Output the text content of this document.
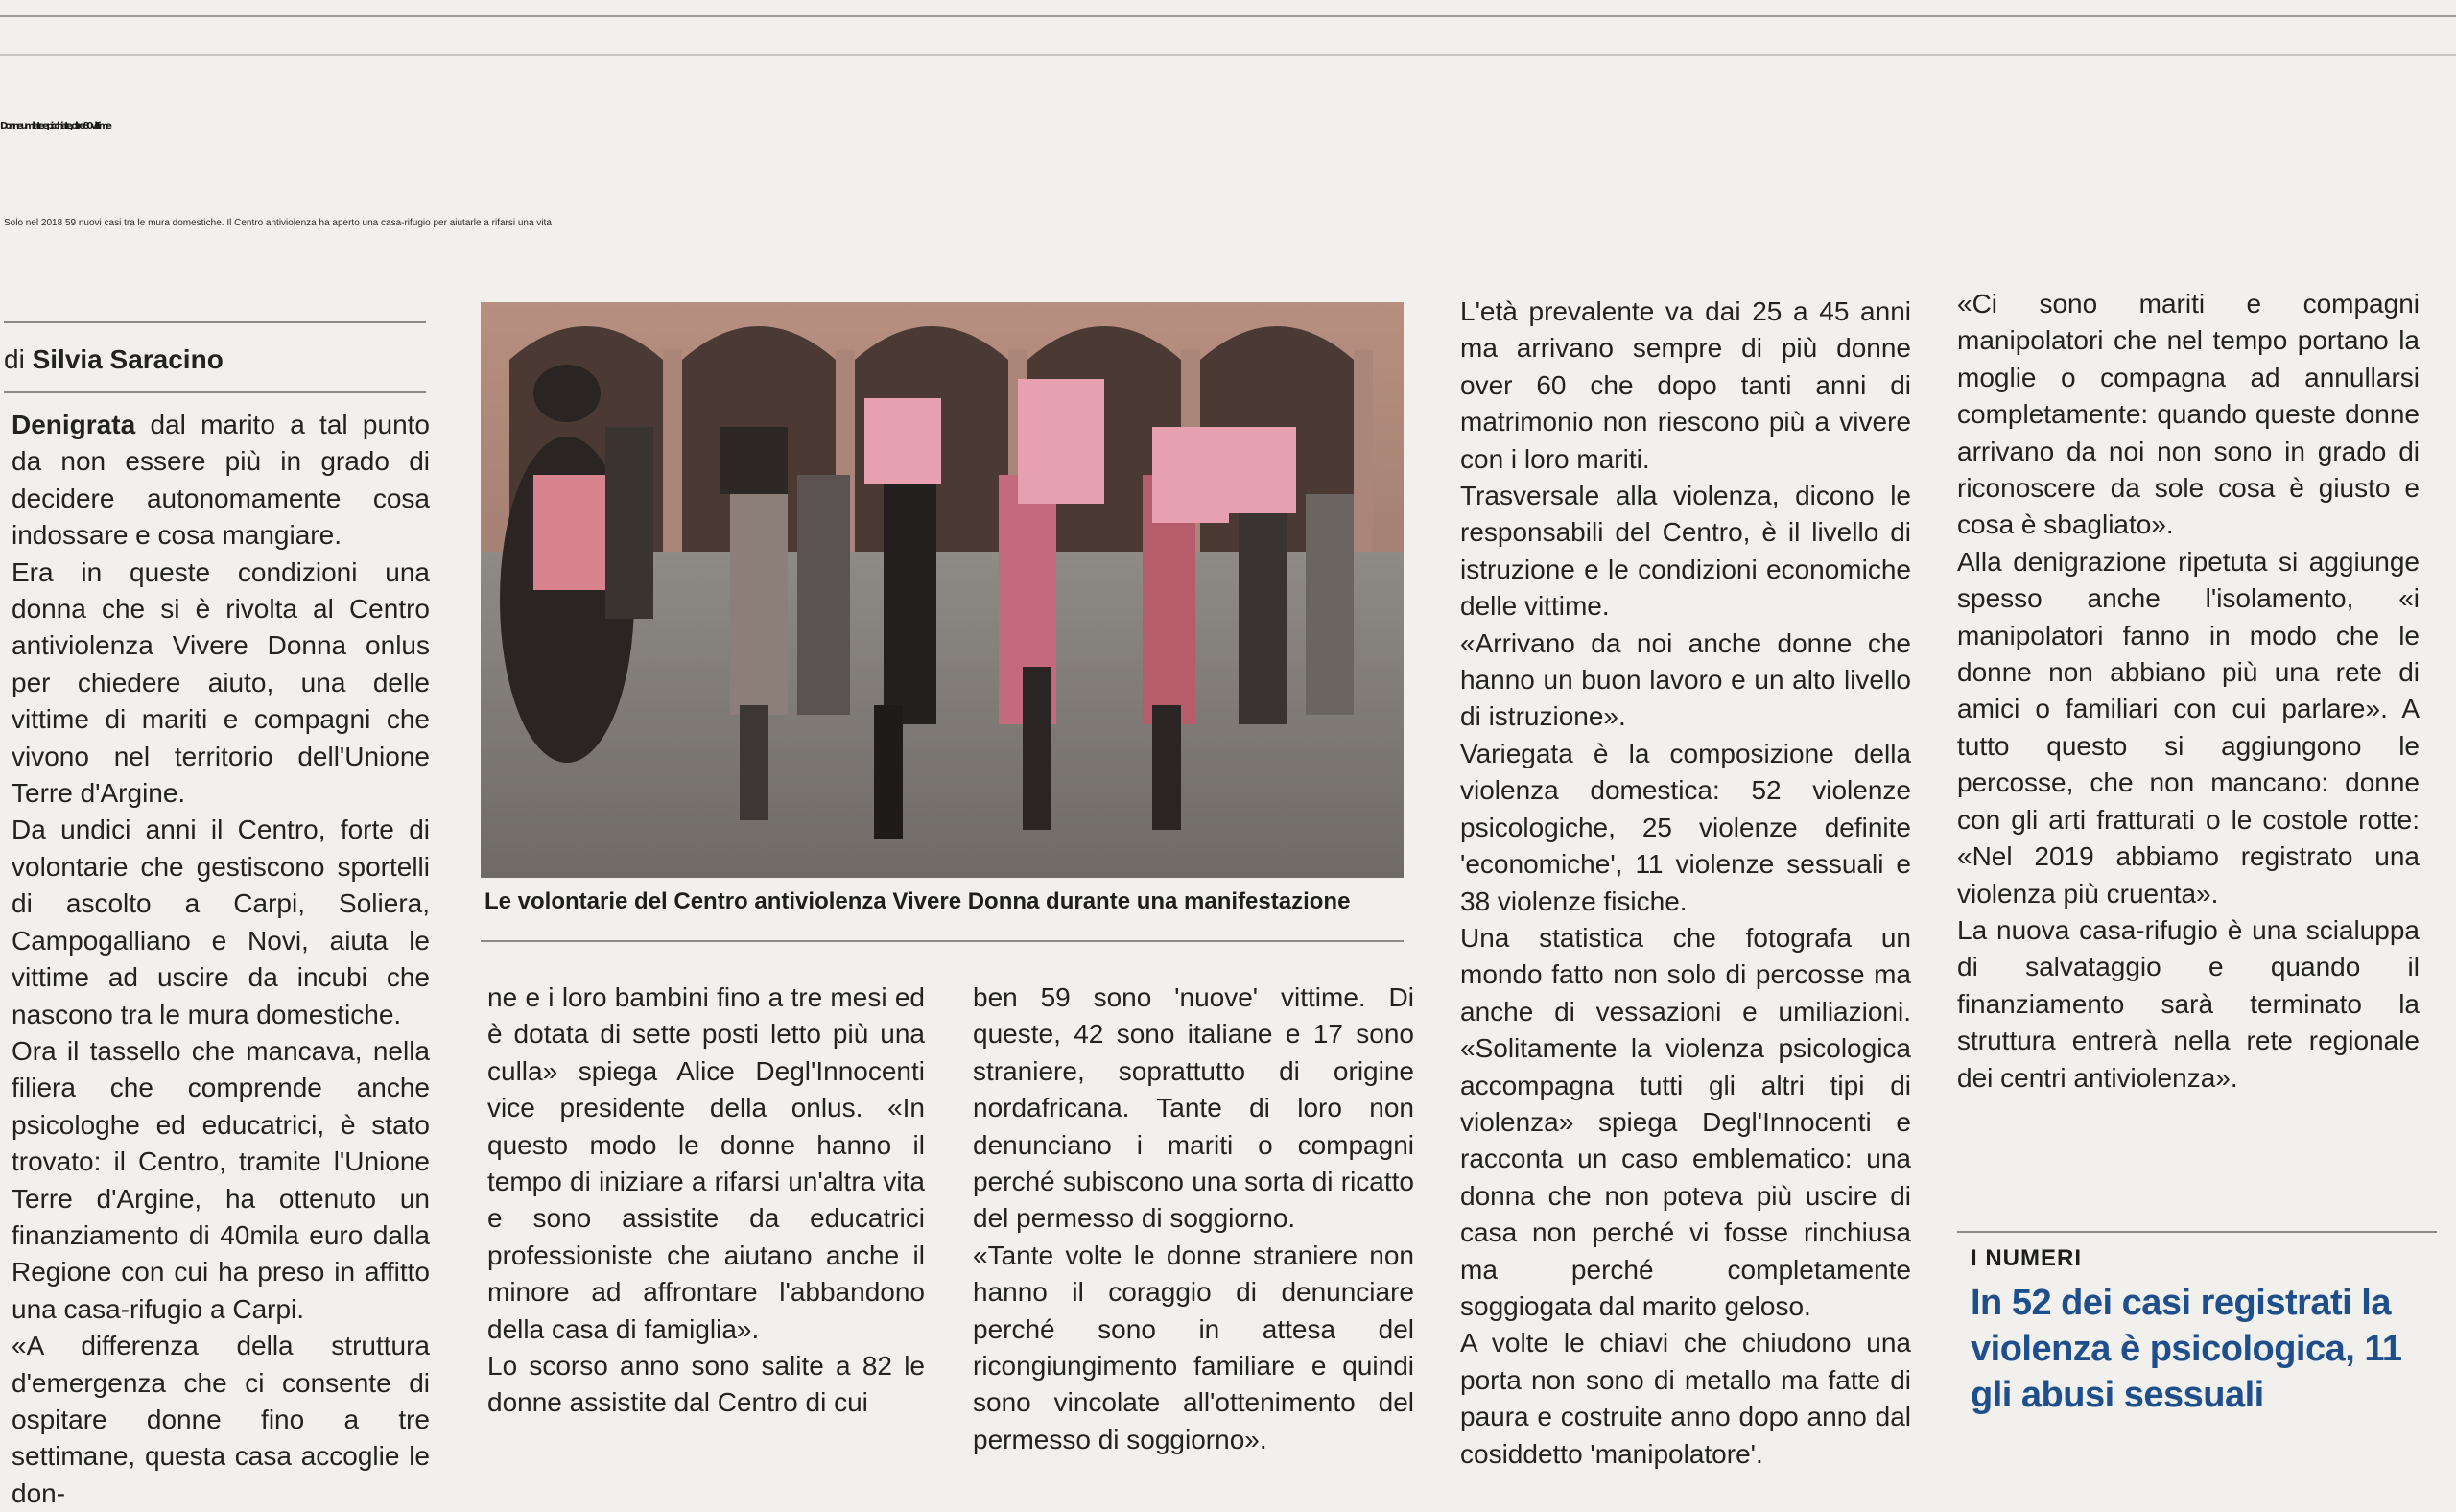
Donne umiliate e picchiate, oltre 80 vittime
Solo nel 2018 59 nuovi casi tra le mura domestiche. Il Centro antiviolenza ha aperto una casa-rifugio per aiutarle a rifarsi una vita
di Silvia Saracino

Denigrata dal marito a tal punto da non essere più in grado di decidere autonomamente cosa indossare e cosa mangiare.

Era in queste condizioni una donna che si è rivolta al Centro antiviolenza Vivere Donna onlus per chiedere aiuto, una delle vittime di mariti e compagni che vivono nel territorio dell'Unione Terre d'Argine.

Da undici anni il Centro, forte di volontarie che gestiscono sportelli di ascolto a Carpi, Soliera, Campogalliano e Novi, aiuta le vittime ad uscire da incubi che nascono tra le mura domestiche.

Ora il tassello che mancava, nella filiera che comprende anche psicologhe ed educatrici, è stato trovato: il Centro, tramite l'Unione Terre d'Argine, ha ottenuto un finanziamento di 40mila euro dalla Regione con cui ha preso in affitto una casa-rifugio a Carpi.

«A differenza della struttura d'emergenza che ci consente di ospitare donne fino a tre settimane, questa casa accoglie le don-

Le volontarie del Centro antiviolenza Vivere Donna durante una manifestazione

ne e i loro bambini fino a tre mesi ed è dotata di sette posti letto più una culla» spiega Alice Degl'Innocenti vice presidente della onlus. «In questo modo le donne hanno il tempo di iniziare a rifarsi un'altra vita e sono assistite da educatrici professioniste che aiutano anche il minore ad affrontare l'abbandono della casa di famiglia».

Lo scorso anno sono salite a 82 le donne assistite dal Centro di cui

ben 59 sono 'nuove' vittime. Di queste, 42 sono italiane e 17 sono straniere, soprattutto di origine nordafricana. Tante di loro non denunciano i mariti o compagni perché subiscono una sorta di ricatto del permesso di soggiorno.

«Tante volte le donne straniere non hanno il coraggio di denunciare perché sono in attesa del ricongiungimento familiare e quindi sono vincolate all'ottenimento del permesso di soggiorno».

L'età prevalente va dai 25 a 45 anni ma arrivano sempre di più donne over 60 che dopo tanti anni di matrimonio non riescono più a vivere con i loro mariti.

Trasversale alla violenza, dicono le responsabili del Centro, è il livello di istruzione e le condizioni economiche delle vittime.

«Arrivano da noi anche donne che hanno un buon lavoro e un alto livello di istruzione».

Variegata è la composizione della violenza domestica: 52 violenze psicologiche, 25 violenze definite 'economiche', 11 violenze sessuali e 38 violenze fisiche.

Una statistica che fotografa un mondo fatto non solo di percosse ma anche di vessazioni e umiliazioni. «Solitamente la violenza psicologica accompagna tutti gli altri tipi di violenza» spiega Degl'Innocenti e racconta un caso emblematico: una donna che non poteva più uscire di casa non perché vi fosse rinchiusa ma perché completamente soggiogata dal marito geloso.

A volte le chiavi che chiudono una porta non sono di metallo ma fatte di paura e costruite anno dopo anno dal cosiddetto 'manipolatore'.

«Ci sono mariti e compagni manipolatori che nel tempo portano la moglie o compagna ad annullarsi completamente: quando queste donne arrivano da noi non sono in grado di riconoscere da sole cosa è giusto e cosa è sbagliato».

Alla denigrazione ripetuta si aggiunge spesso anche l'isolamento, «i manipolatori fanno in modo che le donne non abbiano più una rete di amici o familiari con cui parlare». A tutto questo si aggiungono le percosse, che non mancano: donne con gli arti fratturati o le costole rotte: «Nel 2019 abbiamo registrato una violenza più cruenta».

La nuova casa-rifugio è una scialuppa di salvataggio e quando il finanziamento sarà terminato la struttura entrerà nella rete regionale dei centri antiviolenza».

I NUMERI
In 52 dei casi registrati la violenza è psicologica, 11 gli abusi sessuali
